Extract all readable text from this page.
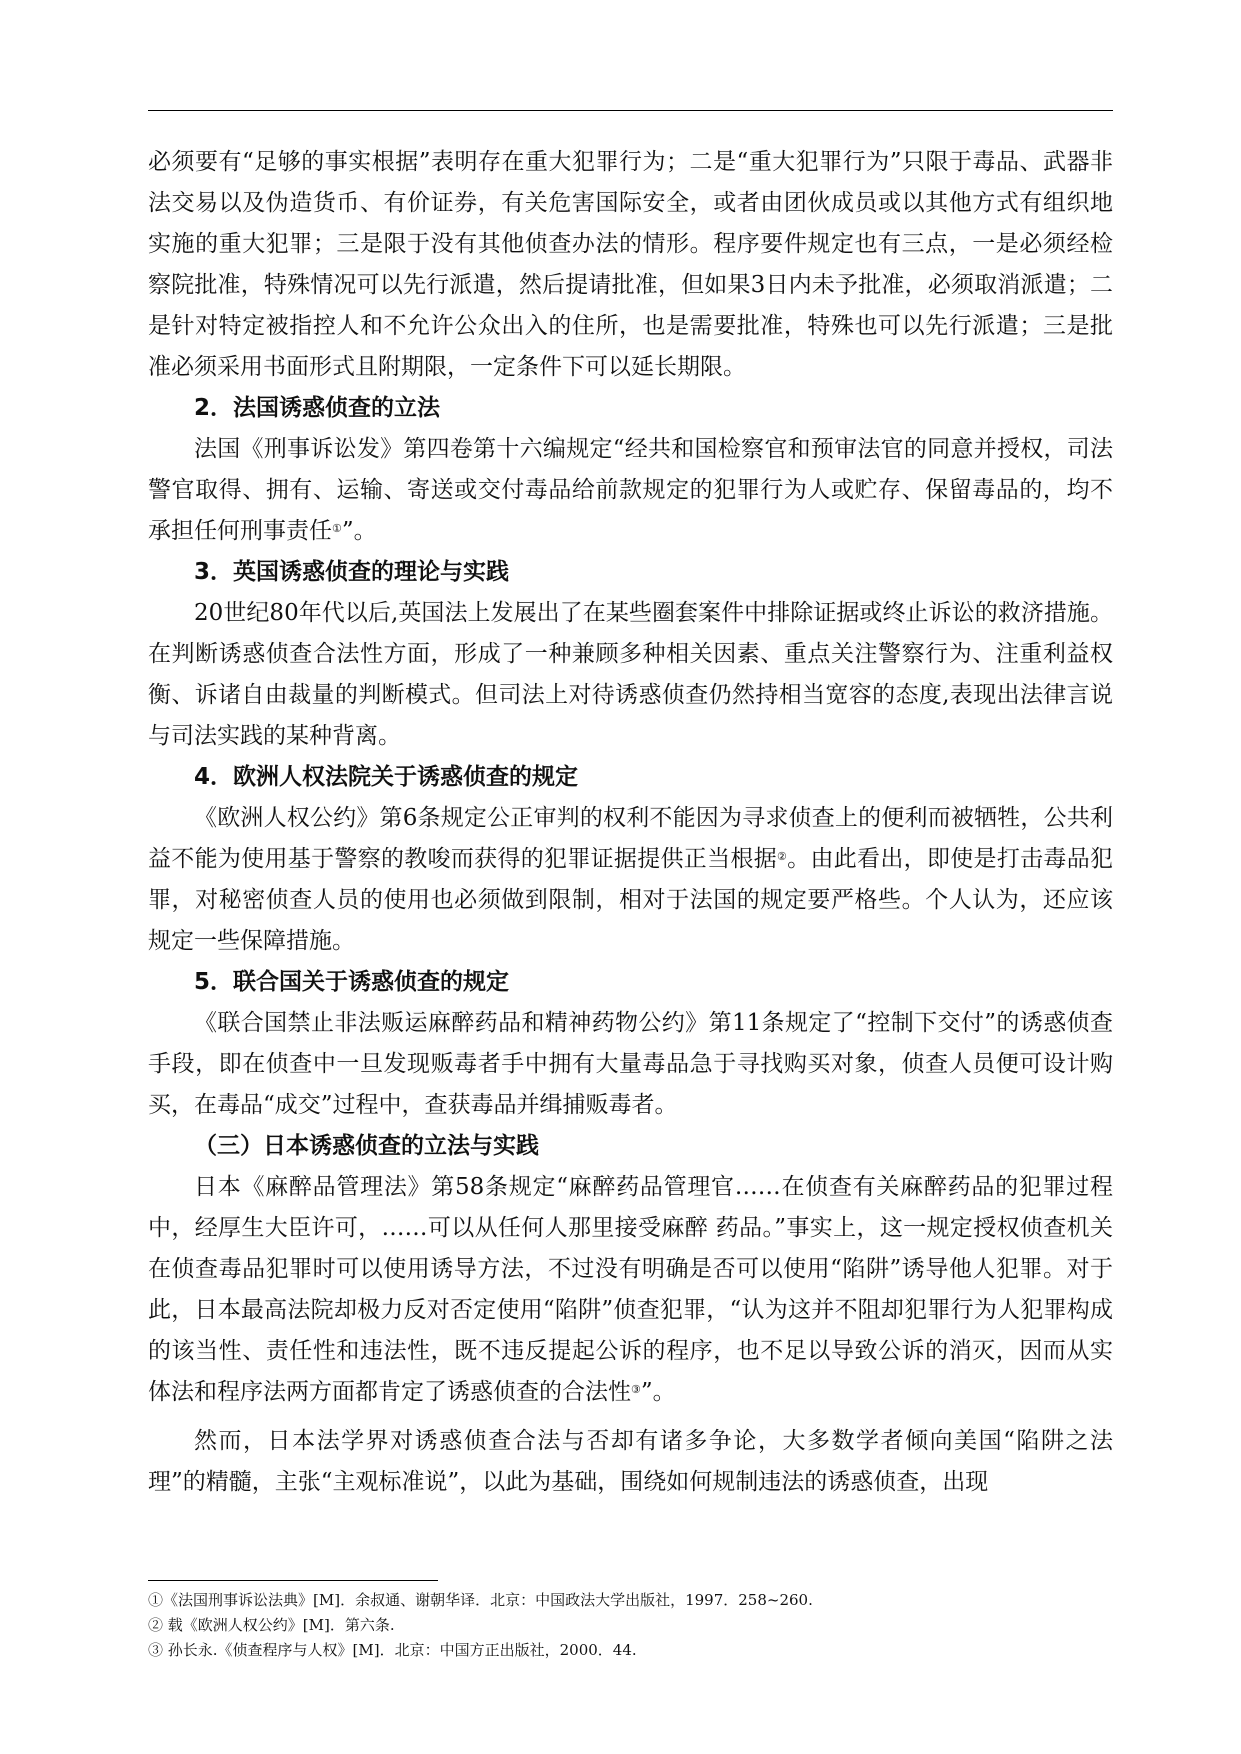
必须要有“足够的事实根据”表明存在重大犯罪行为；二是“重大犯罪行为”只限于毒品、武器非法交易以及伪造货币、有价证券，有关危害国际安全，或者由团伙成员或以其他方式有组织地实施的重大犯罪；三是限于没有其他侦查办法的情形。程序要件规定也有三点，一是必须经检察院批准，特殊情况可以先行派遣，然后提请批准，但如果3日内未予批准，必须取消派遣；二是针对特定被指控人和不允许公众出入的住所，也是需要批准，特殊也可以先行派遣；三是批准必须采用书面形式且附期限，一定条件下可以延长期限。

2．法国诱惑侦查的立法

法国《刑事诉讼发》第四卷第十六编规定“经共和国检察官和预审法官的同意并授权，司法警官取得、拥有、运输、寄送或交付毒品给前款规定的犯罪行为人或贮存、保留毒品的，均不承担任何刑事责任①”。

3．英国诱惑侦查的理论与实践

20世纪80年代以后,英国法上发展出了在某些圈套案件中排除证据或终止诉讼的救济措施。在判断诱惑侦查合法性方面，形成了一种兼顾多种相关因素、重点关注警察行为、注重利益权衡、诉诸自由裁量的判断模式。但司法上对待诱惑侦查仍然持相当宽容的态度,表现出法律言说与司法实践的某种背离。

4．欧洲人权法院关于诱惑侦查的规定

《欧洲人权公约》第6条规定公正审判的权利不能因为寻求侦查上的便利而被牺牲，公共利益不能为使用基于警察的教唆而获得的犯罪证据提供正当根据②。由此看出，即使是打击毒品犯罪，对秘密侦查人员的使用也必须做到限制，相对于法国的规定要严格些。个人认为，还应该规定一些保障措施。

5．联合国关于诱惑侦查的规定

《联合国禁止非法贩运麻醉药品和精神药物公约》第11条规定了“控制下交付”的诱惑侦查手段，即在侦查中一旦发现贩毒者手中拥有大量毒品急于寻找购买对象，侦查人员便可设计购买，在毒品“成交”过程中，查获毒品并缉捕贩毒者。

（三）日本诱惑侦查的立法与实践

日本《麻醉品管理法》第58条规定“麻醉药品管理官……在侦查有关麻醉药品的犯罪过程中，经厚生大臣许可，……可以从任何人那里接受麻醉 药品。”事实上，这一规定授权侦查机关在侦查毒品犯罪时可以使用诱导方法，不过没有明确是否可以使用“陷阱”诱导他人犯罪。对于此，日本最高法院却极力反对否定使用“陷阱”侦查犯罪，“认为这并不阻却犯罪行为人犯罪构成的该当性、责任性和违法性，既不违反提起公诉的程序，也不足以导致公诉的消灭，因而从实体法和程序法两方面都肯定了诱惑侦查的合法性③”。

然而，日本法学界对诱惑侦查合法与否却有诸多争论，大多数学者倾向美国“陷阱之法理”的精髓，主张“主观标准说”，以此为基础，围绕如何规制违法的诱惑侦查，出现

①《法国刑事诉讼法典》[M]．余叔通、谢朝华译．北京：中国政法大学出版社，1997．258~260.

② 载《欧洲人权公约》[M]．第六条.

③ 孙长永.《侦查程序与人权》[M]．北京：中国方正出版社，2000．44.
